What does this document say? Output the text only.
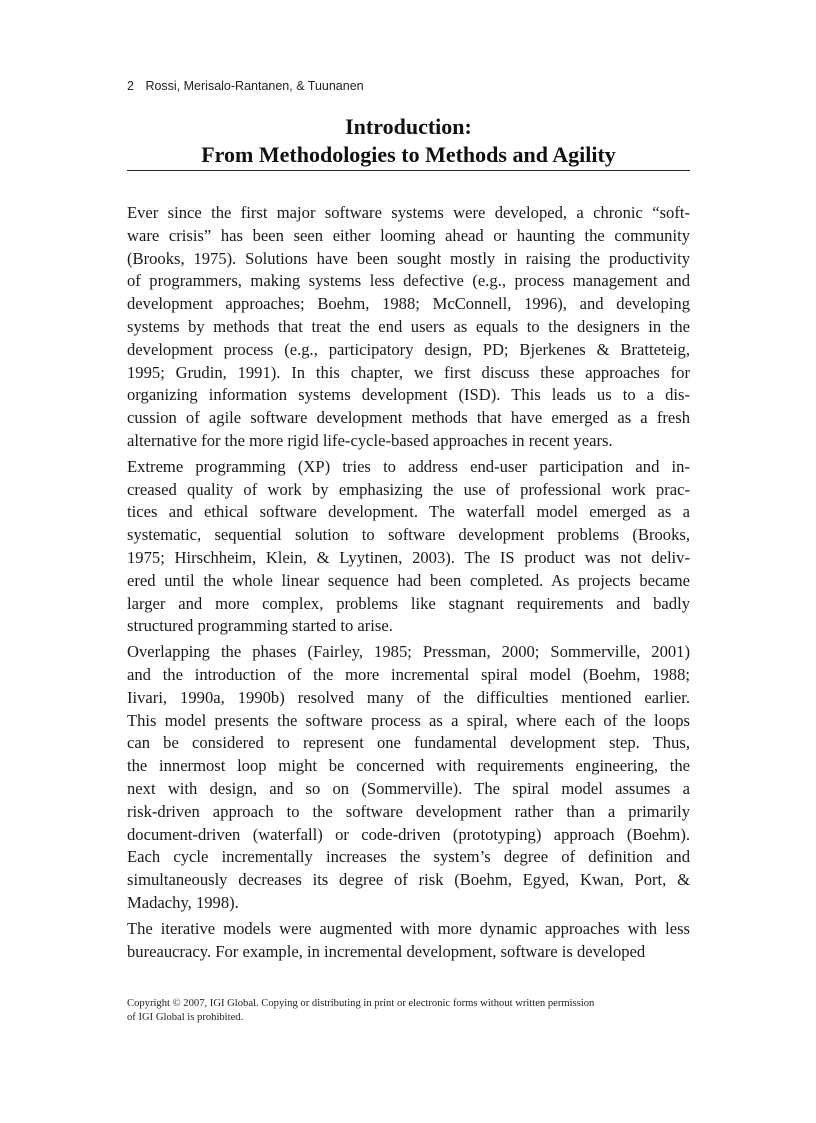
2 Rossi, Merisalo-Rantanen, & Tuunanen
Introduction:
From Methodologies to Methods and Agility

Ever since the first major software systems were developed, a chronic “soft-
ware crisis” has been seen either looming ahead or haunting the community
(Brooks, 1975). Solutions have been sought mostly in raising the productivity
of programmers, making systems less defective (e.g., process management and
development approaches; Boehm, 1988; McConnell, 1996), and developing
systems by methods that treat the end users as equals to the designers in the
development process (e.g., participatory design, PD; Bjerkenes & Bratteteig,
1995; Grudin, 1991). In this chapter, we first discuss these approaches for
organizing information systems development (ISD). This leads us to a dis-
cussion of agile software development methods that have emerged as a fresh
alternative for the more rigid life-cycle-based approaches in recent years.

Extreme programming (XP) tries to address end-user participation and in-
creased quality of work by emphasizing the use of professional work prac-
tices and ethical software development. The waterfall model emerged as a
systematic, sequential solution to software development problems (Brooks,
1975; Hirschheim, Klein, & Lyytinen, 2003). The IS product was not deliv-
ered until the whole linear sequence had been completed. As projects became
larger and more complex, problems like stagnant requirements and badly
structured programming started to arise.

Overlapping the phases (Fairley, 1985; Pressman, 2000; Sommerville, 2001)
and the introduction of the more incremental spiral model (Boehm, 1988;
Iivari, 1990a, 1990b) resolved many of the difficulties mentioned earlier.
This model presents the software process as a spiral, where each of the loops
can be considered to represent one fundamental development step. Thus,
the innermost loop might be concerned with requirements engineering, the
next with design, and so on (Sommerville). The spiral model assumes a
risk-driven approach to the software development rather than a primarily
document-driven (waterfall) or code-driven (prototyping) approach (Boehm).
Each cycle incrementally increases the system’s degree of definition and
simultaneously decreases its degree of risk (Boehm, Egyed, Kwan, Port, &
Madachy, 1998).

The iterative models were augmented with more dynamic approaches with less
bureaucracy. For example, in incremental development, software is developed

Copyright © 2007, IGI Global. Copying or distributing in print or electronic forms without written permission
of IGI Global is prohibited.
